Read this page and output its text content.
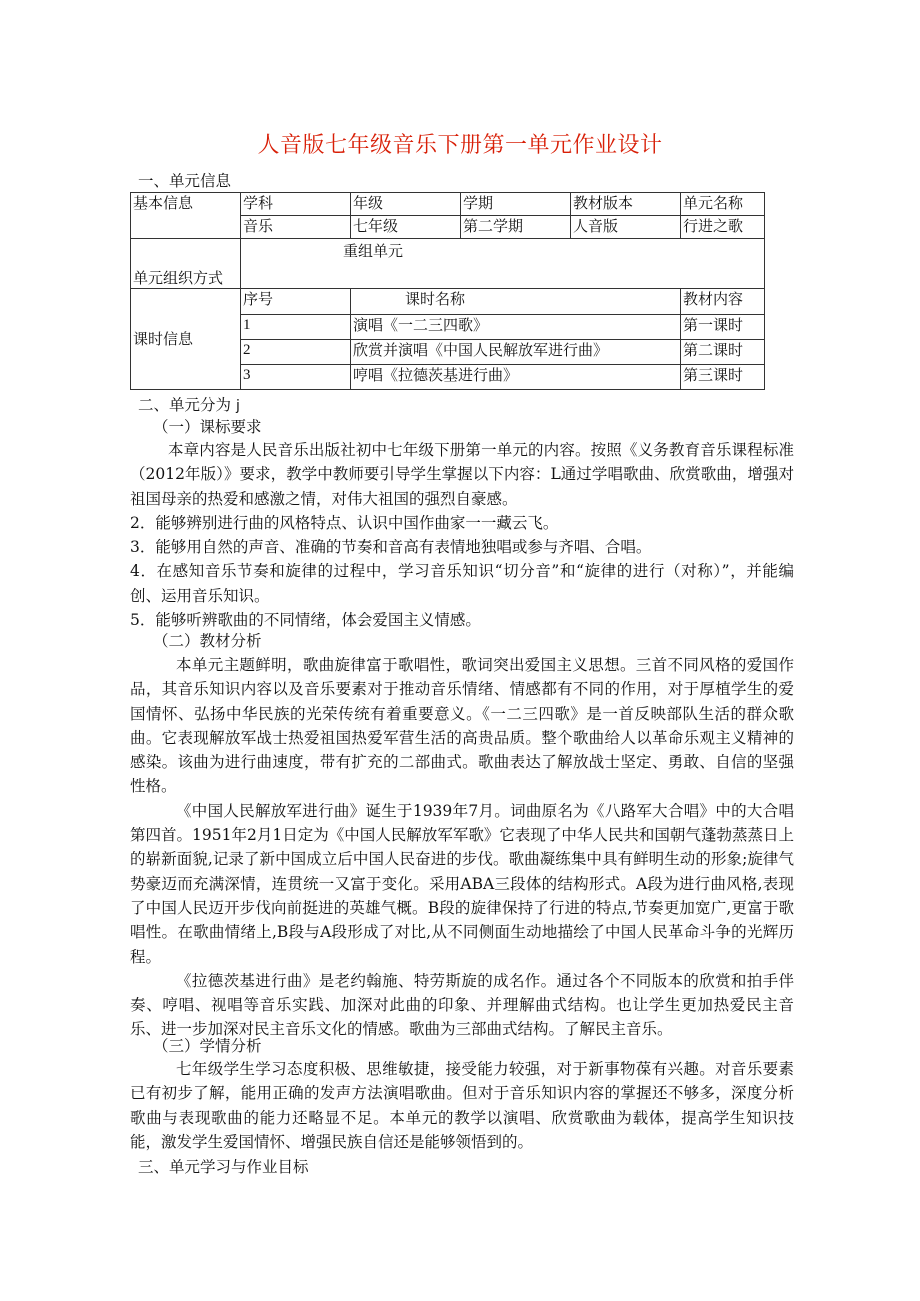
人音版七年级音乐下册第一单元作业设计
一、单元信息
基本信息	学科	年级	学期	教材版本	单元名称
	音乐	七年级	第二学期	人音版	行进之歌
单元组织方式	重组单元				
课时信息	序号	课时名称			教材内容
	1	演唱《一二三四歌》			第一课时
	2	欣赏并演唱《中国人民解放军进行曲》			第二课时
	3	哼唱《拉德茨基进行曲》			第三课时
二、单元分为 j
（一）课标要求

本章内容是人民音乐出版社初中七年级下册第一单元的内容。按照《义务教育音乐课程标准（2012年版）》要求，教学中教师要引导学生掌握以下内容：L通过学唱歌曲、欣赏歌曲，增强对祖国母亲的热爱和感激之情，对伟大祖国的强烈自豪感。

2．能够辨别进行曲的风格特点、认识中国作曲家一一藏云飞。

3．能够用自然的声音、准确的节奏和音高有表情地独唱或参与齐唱、合唱。

4．在感知音乐节奏和旋律的过程中，学习音乐知识“切分音”和“旋律的进行（对称）”，并能编创、运用音乐知识。

5．能够听辨歌曲的不同情绪，体会爱国主义情感。

（二）教材分析

本单元主题鲜明，歌曲旋律富于歌唱性，歌词突出爱国主义思想。三首不同风格的爱国作品，其音乐知识内容以及音乐要素对于推动音乐情绪、情感都有不同的作用，对于厚植学生的爱国情怀、弘扬中华民族的光荣传统有着重要意义。《一二三四歌》是一首反映部队生活的群众歌曲。它表现解放军战士热爱祖国热爱军营生活的高贵品质。整个歌曲给人以革命乐观主义精神的感染。该曲为进行曲速度，带有扩充的二部曲式。歌曲表达了解放战士坚定、勇敢、自信的坚强性格。

《中国人民解放军进行曲》诞生于1939年7月。词曲原名为《八路军大合唱》中的大合唱第四首。1951年2月1日定为《中国人民解放军军歌》它表现了中华人民共和国朝气蓬勃蒸蒸日上的崭新面貌,记录了新中国成立后中国人民奋进的步伐。歌曲凝练集中具有鲜明生动的形象;旋律气势豪迈而充满深情，连贯统一又富于变化。采用ABA三段体的结构形式。A段为进行曲风格,表现了中国人民迈开步伐向前挺进的英雄气概。B段的旋律保持了行进的特点,节奏更加宽广,更富于歌唱性。在歌曲情绪上,B段与A段形成了对比,从不同侧面生动地描绘了中国人民革命斗争的光辉历程。

《拉德茨基进行曲》是老约翰施、特劳斯旋的成名作。通过各个不同版本的欣赏和拍手伴奏、哼唱、视唱等音乐实践、加深对此曲的印象、并理解曲式结构。也让学生更加热爱民主音乐、进一步加深对民主音乐文化的情感。歌曲为三部曲式结构。了解民主音乐。

（三）学情分析

七年级学生学习态度积极、思维敏捷，接受能力较强，对于新事物葆有兴趣。对音乐要素已有初步了解，能用正确的发声方法演唱歌曲。但对于音乐知识内容的掌握还不够多，深度分析歌曲与表现歌曲的能力还略显不足。本单元的教学以演唱、欣赏歌曲为载体，提高学生知识技能，激发学生爱国情怀、增强民族自信还是能够领悟到的。

三、单元学习与作业目标
